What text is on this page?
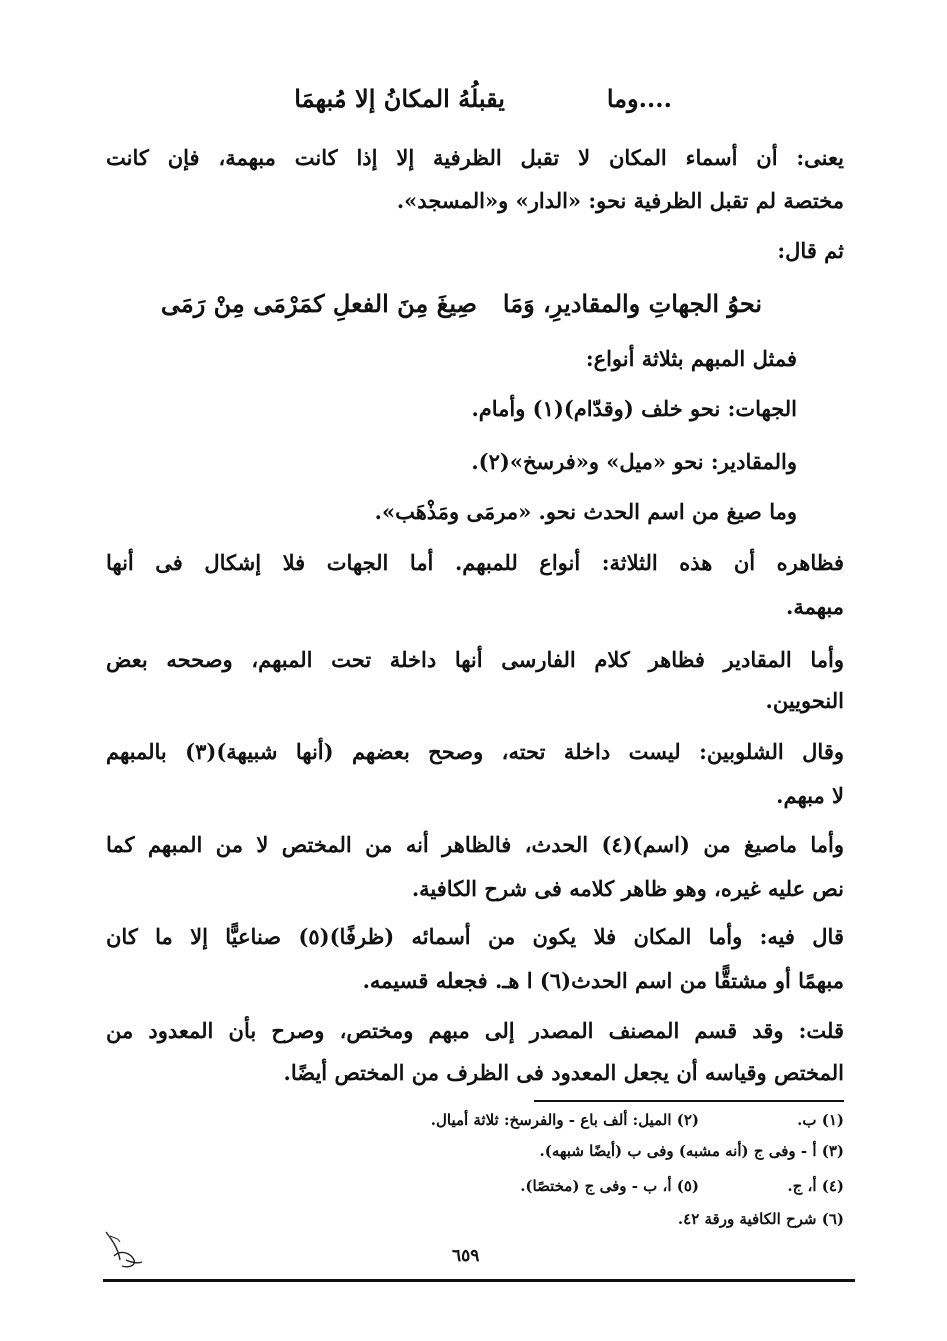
يقبلُهُ المكانُ إلا مُبهمَا	....وما
يعنى: أن أسماء المكان لا تقبل الظرفية إلا إذا كانت مبهمة، فإن كانت
مختصة لم تقبل الظرفية نحو: «الدار» و«المسجد».
ثم قال:
نحوُ الجهاتِ والمقاديرِ، وَمَا
صِيغَ مِنَ الفعلِ كمَرْمَى مِنْ رَمَى
فمثل المبهم بثلاثة أنواع:
الجهات: نحو خلف (وقدّام)(١) وأمام.
والمقادير: نحو «ميل» و«فرسخ»(٢).
وما صيغ من اسم الحدث نحو. «مرمَى ومَذْهَب».
فظاهره أن هذه الثلاثة: أنواع للمبهم. أما الجهات فلا إشكال فى أنها
مبهمة.
وأما المقادير فظاهر كلام الفارسى أنها داخلة تحت المبهم، وصححه بعض
النحويين.
وقال الشلوبين: ليست داخلة تحته، وصحح بعضهم (أنها شبيهة)(٣) بالمبهم
لا مبهم.
وأما ماصيغ من (اسم)(٤) الحدث، فالظاهر أنه من المختص لا من المبهم كما
نص عليه غيره، وهو ظاهر كلامه فى شرح الكافية.
قال فيه: وأما المكان فلا يكون من أسمائه (ظرفًا)(٥) صناعيًّا إلا ما كان
مبهمًا أو مشتقًّا من اسم الحدث(٦) ا هـ. فجعله قسيمه.
قلت: وقد قسم المصنف المصدر إلى مبهم ومختص، وصرح بأن المعدود من
المختص وقياسه أن يجعل المعدود فى الظرف من المختص أيضًا.
(١) ب.
(٢) الميل: ألف باع - والفرسخ: ثلاثة أميال.
(٣) أ - وفى ج (أنه مشبه) وفى ب (أيضًا شبهه).
(٤) أ، ج.
(٥) أ، ب - وفى ج (مختصًا).
(٦) شرح الكافية ورقة ٤٢.
٦٥٩
